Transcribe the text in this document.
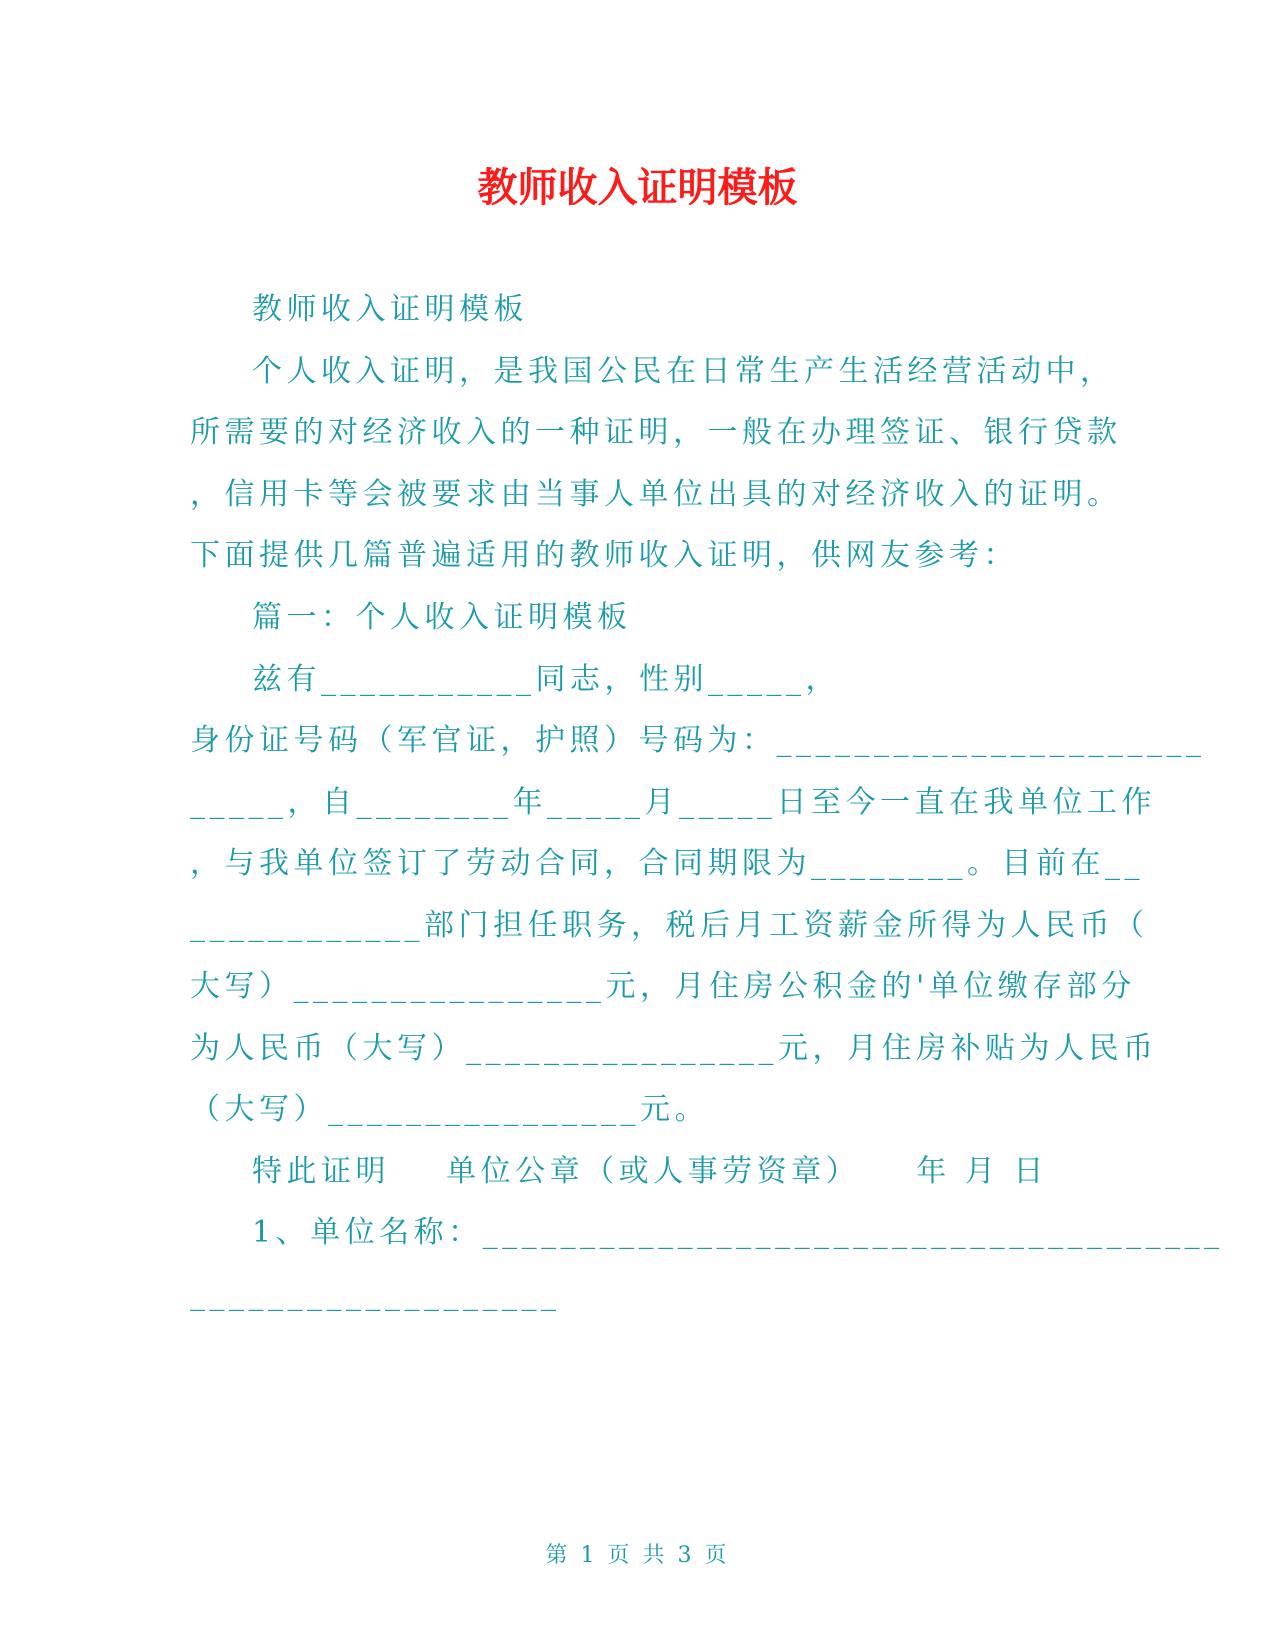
教师收入证明模板
教师收入证明模板
个人收入证明，是我国公民在日常生产生活经营活动中，
所需要的对经济收入的一种证明，一般在办理签证、银行贷款
，信用卡等会被要求由当事人单位出具的对经济收入的证明。
下面提供几篇普遍适用的教师收入证明，供网友参考：
篇一：个人收入证明模板
兹有___________同志，性别_____，
身份证号码（军官证，护照）号码为：______________________
_____，自________年_____月_____日至今一直在我单位工作
，与我单位签订了劳动合同，合同期限为________。目前在__
____________部门担任职务，税后月工资薪金所得为人民币（
大写）________________元，月住房公积金的'单位缴存部分
为人民币（大写）________________元，月住房补贴为人民币
（大写）________________元。
特此证明    单位公章（或人事劳资章）    年 月 日
1、单位名称：______________________________________
___________________
第 1 页 共 3 页
